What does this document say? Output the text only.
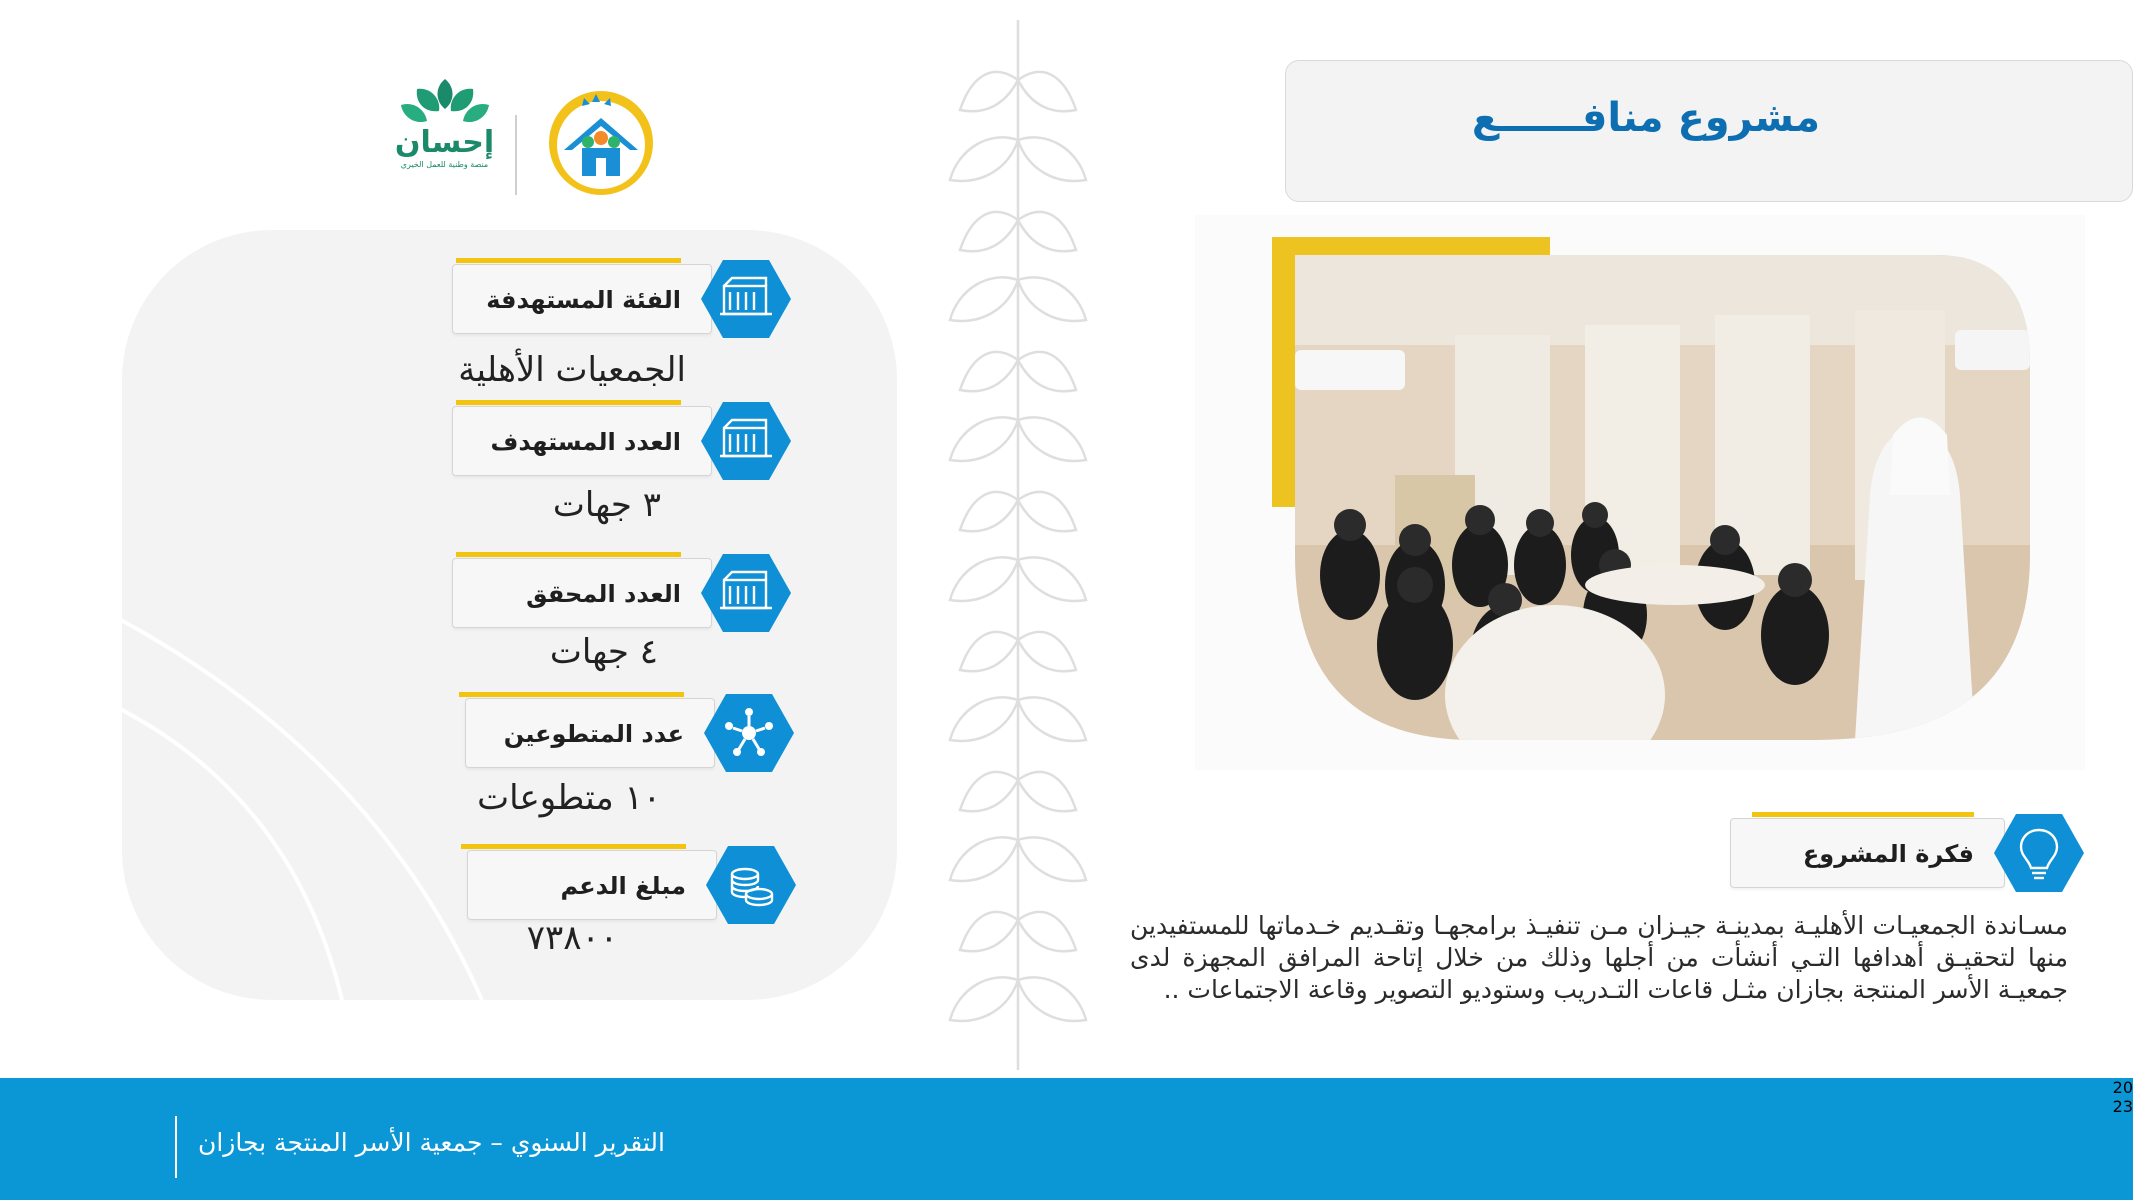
إحسان
منصة وطنية للعمل الخيري
الفئة المستهدفة
الجمعيات الأهلية
العدد المستهدف
٣ جهات
العدد المحقق
٤ جهات
عدد المتطوعين
١٠ متطوعات
مبلغ الدعم
٧٣٨٠٠
مشروع منافــــــع
فكرة المشروع
مسـاندة الجمعيـات الأهليـة بمدينـة جيـزان مـن تنفيـذ برامجهـا وتقـديم خـدماتها للمستفيدين منها لتحقيـق أهدافها التـي أنشأت من أجلها وذلك من خلال إتاحة المرافق المجهزة لدى جمعيـة الأسر المنتجة بجازان مثـل قاعات التـدريب وستوديو التصوير وقاعة الاجتماعات ..
20
23
التقرير السنوي – جمعية الأسر المنتجة بجازان
